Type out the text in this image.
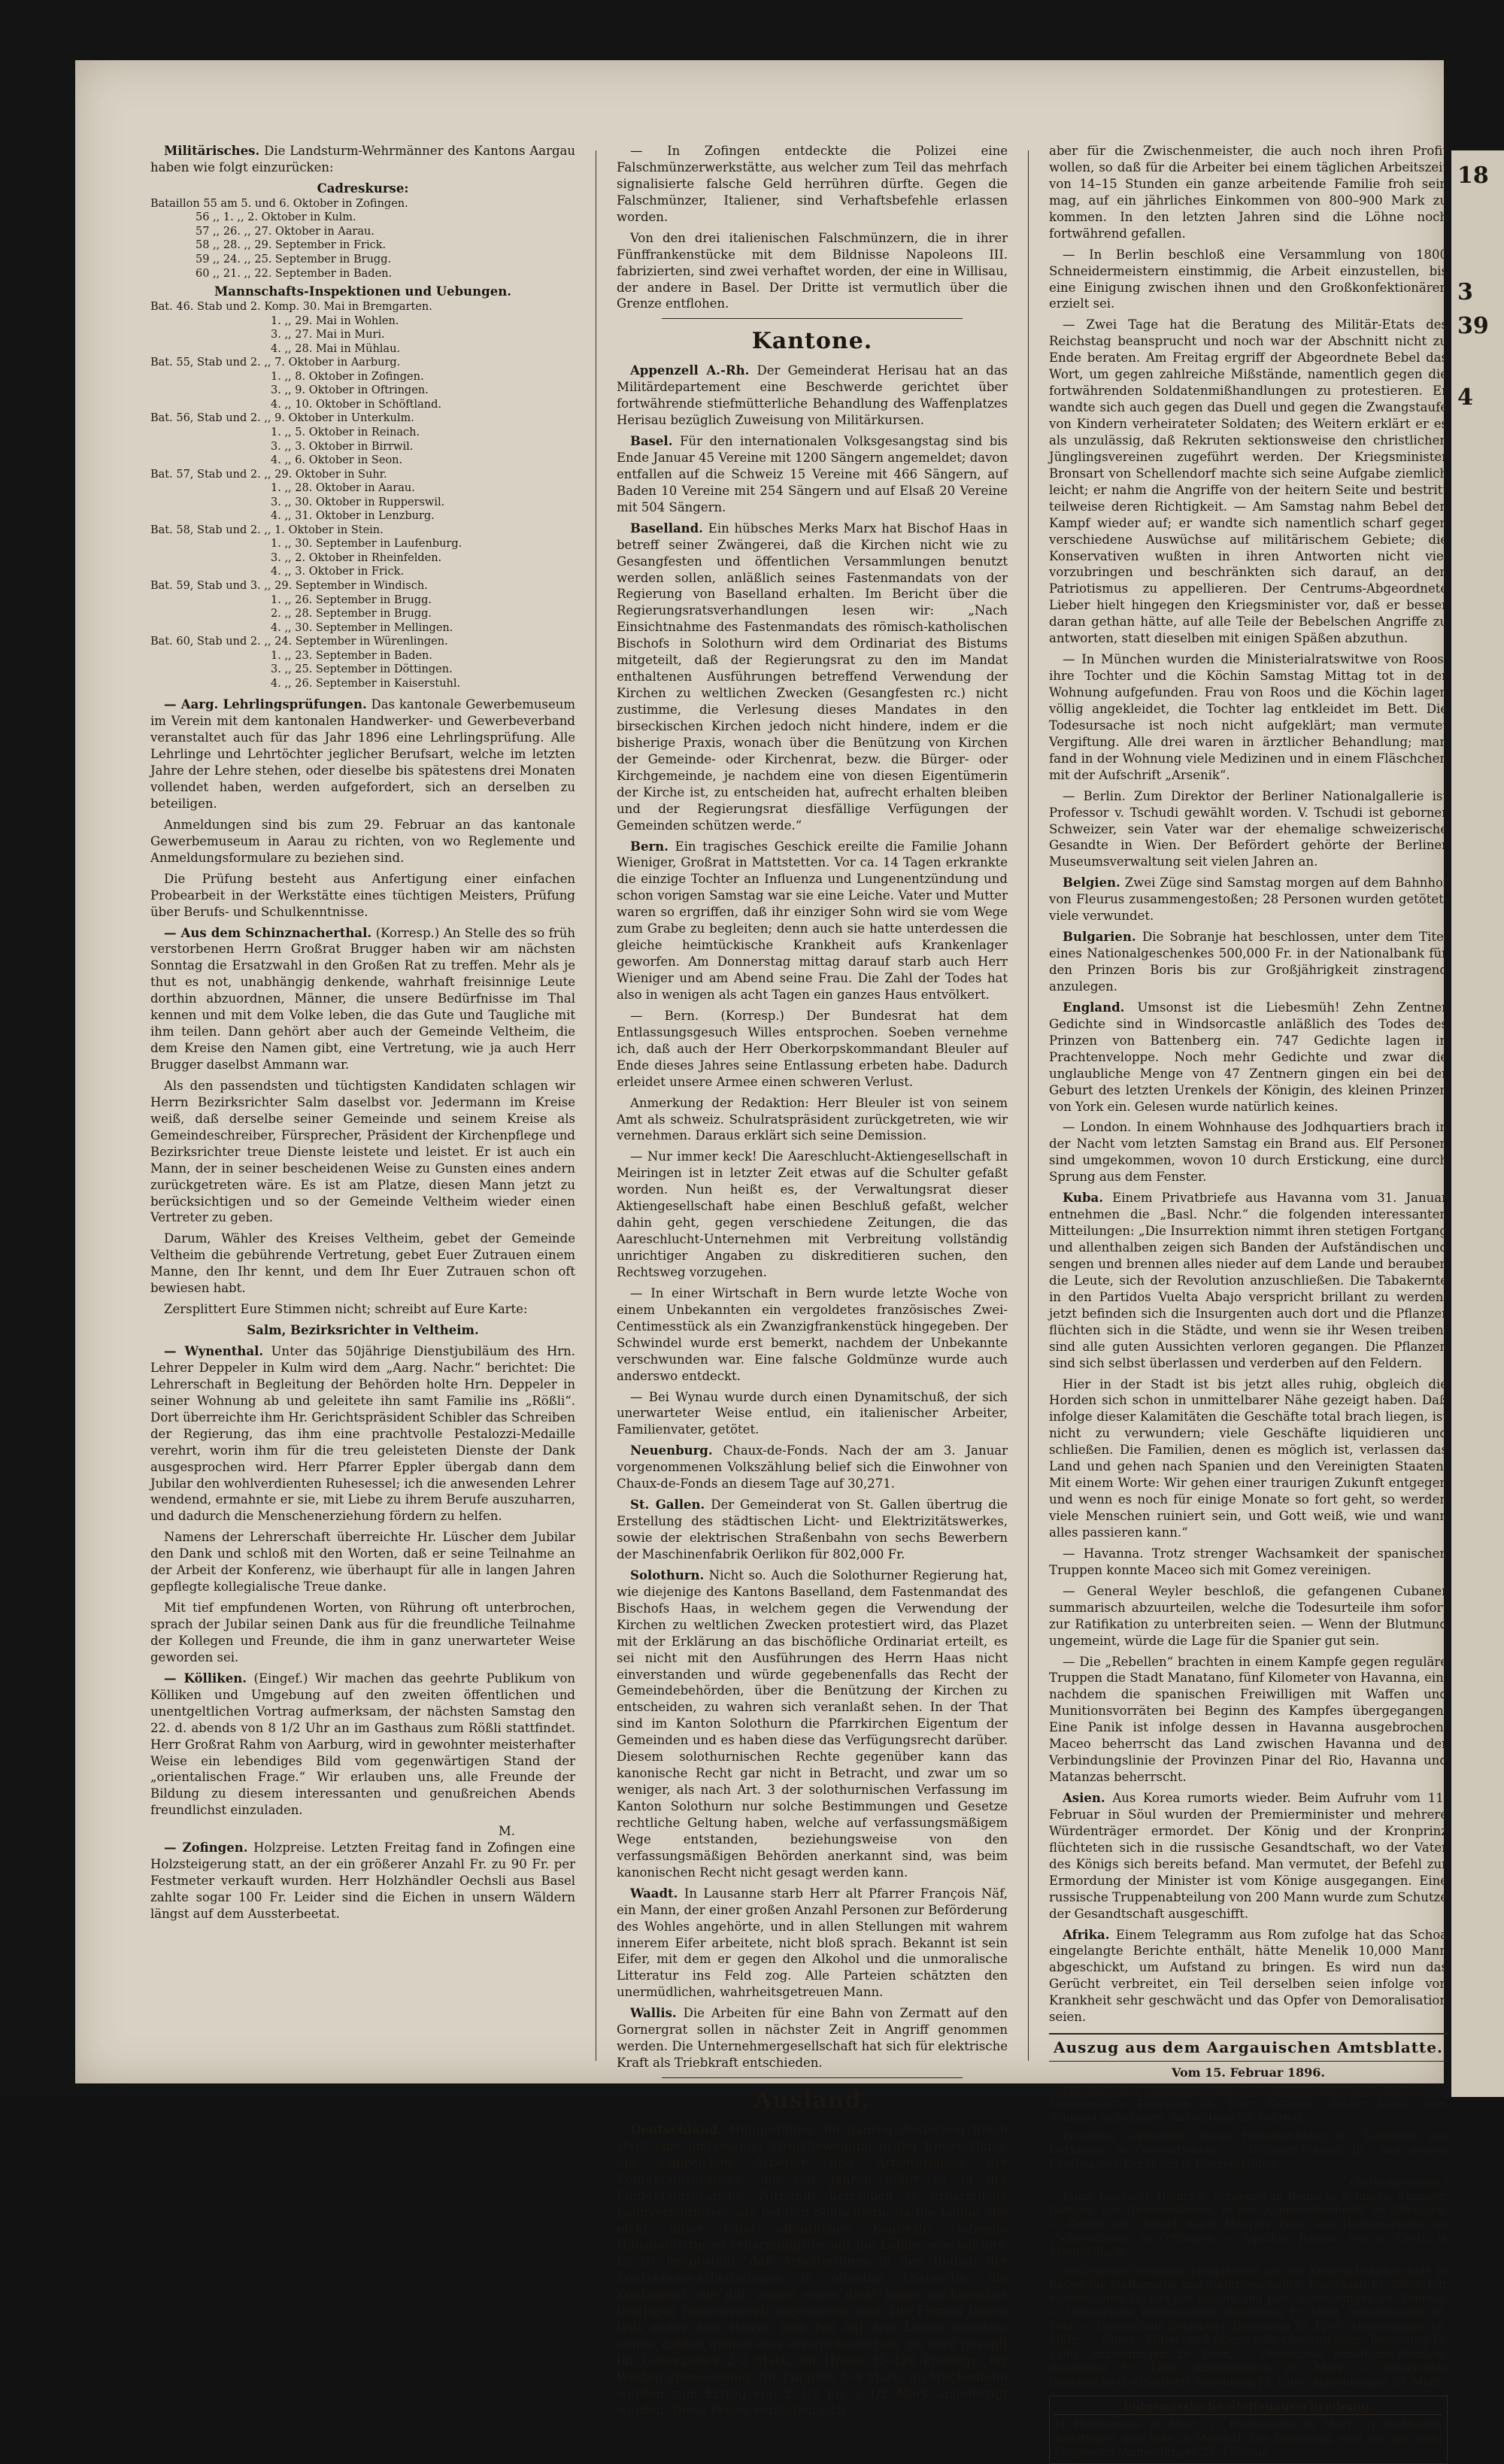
18
3
39
4

Militärisches. Die Landsturm-Wehrmänner des Kantons Aargau haben wie folgt einzurücken:

Cadreskurse:
Bataillon 55 am 5. und 6. Oktober in Zofingen.
56 ,, 1. ,, 2. Oktober in Kulm.
57 ,, 26. ,, 27. Oktober in Aarau.
58 ,, 28. ,, 29. September in Frick.
59 ,, 24. ,, 25. September in Brugg.
60 ,, 21. ,, 22. September in Baden.
Mannschafts-Inspektionen und Uebungen.
Bat. 46. Stab und 2. Komp. 30. Mai in Bremgarten.
1. ,, 29. Mai in Wohlen.
3. ,, 27. Mai in Muri.
4. ,, 28. Mai in Mühlau.
Bat. 55, Stab und 2. ,, 7. Oktober in Aarburg.
1. ,, 8. Oktober in Zofingen.
3. ,, 9. Oktober in Oftringen.
4. ,, 10. Oktober in Schöftland.
Bat. 56, Stab und 2. ,, 9. Oktober in Unterkulm.
1. ,, 5. Oktober in Reinach.
3. ,, 3. Oktober in Birrwil.
4. ,, 6. Oktober in Seon.
Bat. 57, Stab und 2. ,, 29. Oktober in Suhr.
1. ,, 28. Oktober in Aarau.
3. ,, 30. Oktober in Rupperswil.
4. ,, 31. Oktober in Lenzburg.
Bat. 58, Stab und 2. ,, 1. Oktober in Stein.
1. ,, 30. September in Laufenburg.
3. ,, 2. Oktober in Rheinfelden.
4. ,, 3. Oktober in Frick.
Bat. 59, Stab und 3. ,, 29. September in Windisch.
1. ,, 26. September in Brugg.
2. ,, 28. September in Brugg.
4. ,, 30. September in Mellingen.
Bat. 60, Stab und 2. ,, 24. September in Würenlingen.
1. ,, 23. September in Baden.
3. ,, 25. September in Döttingen.
4. ,, 26. September in Kaiserstuhl.

— Aarg. Lehrlingsprüfungen. Das kantonale Gewerbemuseum im Verein mit dem kantonalen Handwerker- und Gewerbeverband veranstaltet auch für das Jahr 1896 eine Lehrlingsprüfung. Alle Lehrlinge und Lehrtöchter jeglicher Berufsart, welche im letzten Jahre der Lehre stehen, oder dieselbe bis spätestens drei Monaten vollendet haben, werden aufgefordert, sich an derselben zu beteiligen.

Anmeldungen sind bis zum 29. Februar an das kantonale Gewerbemuseum in Aarau zu richten, von wo Reglemente und Anmeldungsformulare zu beziehen sind.

Die Prüfung besteht aus Anfertigung einer einfachen Probearbeit in der Werkstätte eines tüchtigen Meisters, Prüfung über Berufs- und Schulkenntnisse.

— Aus dem Schinznacherthal. (Korresp.) An Stelle des so früh verstorbenen Herrn Großrat Brugger haben wir am nächsten Sonntag die Ersatzwahl in den Großen Rat zu treffen. Mehr als je thut es not, unabhängig denkende, wahrhaft freisinnige Leute dorthin abzuordnen, Männer, die unsere Bedürfnisse im Thal kennen und mit dem Volke leben, die das Gute und Taugliche mit ihm teilen. Dann gehört aber auch der Gemeinde Veltheim, die dem Kreise den Namen gibt, eine Vertretung, wie ja auch Herr Brugger daselbst Ammann war.

Als den passendsten und tüchtigsten Kandidaten schlagen wir Herrn Bezirksrichter Salm daselbst vor. Jedermann im Kreise weiß, daß derselbe seiner Gemeinde und seinem Kreise als Gemeindeschreiber, Fürsprecher, Präsident der Kirchenpflege und Bezirksrichter treue Dienste leistete und leistet. Er ist auch ein Mann, der in seiner bescheidenen Weise zu Gunsten eines andern zurückgetreten wäre. Es ist am Platze, diesen Mann jetzt zu berücksichtigen und so der Gemeinde Veltheim wieder einen Vertreter zu geben.

Darum, Wähler des Kreises Veltheim, gebet der Gemeinde Veltheim die gebührende Vertretung, gebet Euer Zutrauen einem Manne, den Ihr kennt, und dem Ihr Euer Zutrauen schon oft bewiesen habt.

Zersplittert Eure Stimmen nicht; schreibt auf Eure Karte:

Salm, Bezirksrichter in Veltheim.

— Wynenthal. Unter das 50jährige Dienstjubiläum des Hrn. Lehrer Deppeler in Kulm wird dem „Aarg. Nachr.“ berichtet: Die Lehrerschaft in Begleitung der Behörden holte Hrn. Deppeler in seiner Wohnung ab und geleitete ihn samt Familie ins „Rößli“. Dort überreichte ihm Hr. Gerichtspräsident Schibler das Schreiben der Regierung, das ihm eine prachtvolle Pestalozzi-Medaille verehrt, worin ihm für die treu geleisteten Dienste der Dank ausgesprochen wird. Herr Pfarrer Eppler übergab dann dem Jubilar den wohlverdienten Ruhesessel; ich die anwesenden Lehrer wendend, ermahnte er sie, mit Liebe zu ihrem Berufe auszuharren, und dadurch die Menschenerziehung fördern zu helfen.

Namens der Lehrerschaft überreichte Hr. Lüscher dem Jubilar den Dank und schloß mit den Worten, daß er seine Teilnahme an der Arbeit der Konferenz, wie überhaupt für alle in langen Jahren gepflegte kollegialische Treue danke.

Mit tief empfundenen Worten, von Rührung oft unterbrochen, sprach der Jubilar seinen Dank aus für die freundliche Teilnahme der Kollegen und Freunde, die ihm in ganz unerwarteter Weise geworden sei.

— Kölliken. (Eingef.) Wir machen das geehrte Publikum von Kölliken und Umgebung auf den zweiten öffentlichen und unentgeltlichen Vortrag aufmerksam, der nächsten Samstag den 22. d. abends von 8 1/2 Uhr an im Gasthaus zum Rößli stattfindet. Herr Großrat Rahm von Aarburg, wird in gewohnter meisterhafter Weise ein lebendiges Bild vom gegenwärtigen Stand der „orientalischen Frage.“ Wir erlauben uns, alle Freunde der Bildung zu diesem interessanten und genußreichen Abends freundlichst einzuladen.

M.

— Zofingen. Holzpreise. Letzten Freitag fand in Zofingen eine Holzsteigerung statt, an der ein größerer Anzahl Fr. zu 90 Fr. per Festmeter verkauft wurden. Herr Holzhändler Oechsli aus Basel zahlte sogar 100 Fr. Leider sind die Eichen in unsern Wäldern längst auf dem Aussterbeetat.

— In Zofingen entdeckte die Polizei eine Falschmünzerwerkstätte, aus welcher zum Teil das mehrfach signalisierte falsche Geld herrühren dürfte. Gegen die Falschmünzer, Italiener, sind Verhaftsbefehle erlassen worden.

Von den drei italienischen Falschmünzern, die in ihrer Fünffrankenstücke mit dem Bildnisse Napoleons III. fabrizierten, sind zwei verhaftet worden, der eine in Willisau, der andere in Basel. Der Dritte ist vermutlich über die Grenze entflohen.

Kantone.

Appenzell A.-Rh. Der Gemeinderat Herisau hat an das Militärdepartement eine Beschwerde gerichtet über fortwährende stiefmütterliche Behandlung des Waffenplatzes Herisau bezüglich Zuweisung von Militärkursen.

Basel. Für den internationalen Volksgesangstag sind bis Ende Januar 45 Vereine mit 1200 Sängern angemeldet; davon entfallen auf die Schweiz 15 Vereine mit 466 Sängern, auf Baden 10 Vereine mit 254 Sängern und auf Elsaß 20 Vereine mit 504 Sängern.

Baselland. Ein hübsches Merks Marx hat Bischof Haas in betreff seiner Zwängerei, daß die Kirchen nicht wie zu Gesangfesten und öffentlichen Versammlungen benutzt werden sollen, anläßlich seines Fastenmandats von der Regierung von Baselland erhalten. Im Bericht über die Regierungsratsverhandlungen lesen wir: „Nach Einsichtnahme des Fastenmandats des römisch-katholischen Bischofs in Solothurn wird dem Ordinariat des Bistums mitgeteilt, daß der Regierungsrat zu den im Mandat enthaltenen Ausführungen betreffend Verwendung der Kirchen zu weltlichen Zwecken (Gesangfesten rc.) nicht zustimme, die Verlesung dieses Mandates in den birseckischen Kirchen jedoch nicht hindere, indem er die bisherige Praxis, wonach über die Benützung von Kirchen der Gemeinde- oder Kirchenrat, bezw. die Bürger- oder Kirchgemeinde, je nachdem eine von diesen Eigentümerin der Kirche ist, zu entscheiden hat, aufrecht erhalten bleiben und der Regierungsrat diesfällige Verfügungen der Gemeinden schützen werde.“

Bern. Ein tragisches Geschick ereilte die Familie Johann Wieniger, Großrat in Mattstetten. Vor ca. 14 Tagen erkrankte die einzige Tochter an Influenza und Lungenentzündung und schon vorigen Samstag war sie eine Leiche. Vater und Mutter waren so ergriffen, daß ihr einziger Sohn wird sie vom Wege zum Grabe zu begleiten; denn auch sie hatte unterdessen die gleiche heimtückische Krankheit aufs Krankenlager geworfen. Am Donnerstag mittag darauf starb auch Herr Wieniger und am Abend seine Frau. Die Zahl der Todes hat also in wenigen als acht Tagen ein ganzes Haus entvölkert.

— Bern. (Korresp.) Der Bundesrat hat dem Entlassungsgesuch Willes entsprochen. Soeben vernehme ich, daß auch der Herr Oberkorpskommandant Bleuler auf Ende dieses Jahres seine Entlassung erbeten habe. Dadurch erleidet unsere Armee einen schweren Verlust.

Anmerkung der Redaktion: Herr Bleuler ist von seinem Amt als schweiz. Schulratspräsident zurückgetreten, wie wir vernehmen. Daraus erklärt sich seine Demission.

— Nur immer keck! Die Aareschlucht-Aktiengesellschaft in Meiringen ist in letzter Zeit etwas auf die Schulter gefaßt worden. Nun heißt es, der Verwaltungsrat dieser Aktiengesellschaft habe einen Beschluß gefaßt, welcher dahin geht, gegen verschiedene Zeitungen, die das Aareschlucht-Unternehmen mit Verbreitung vollständig unrichtiger Angaben zu diskreditieren suchen, den Rechtsweg vorzugehen.

— In einer Wirtschaft in Bern wurde letzte Woche von einem Unbekannten ein vergoldetes französisches Zwei-Centimesstück als ein Zwanzigfrankenstück hingegeben. Der Schwindel wurde erst bemerkt, nachdem der Unbekannte verschwunden war. Eine falsche Goldmünze wurde auch anderswo entdeckt.

— Bei Wynau wurde durch einen Dynamitschuß, der sich unerwarteter Weise entlud, ein italienischer Arbeiter, Familienvater, getötet.

Neuenburg. Chaux-de-Fonds. Nach der am 3. Januar vorgenommenen Volkszählung belief sich die Einwohner von Chaux-de-Fonds an diesem Tage auf 30,271.

St. Gallen. Der Gemeinderat von St. Gallen übertrug die Erstellung des städtischen Licht- und Elektrizitätswerkes, sowie der elektrischen Straßenbahn von sechs Bewerbern der Maschinenfabrik Oerlikon für 802,000 Fr.

Solothurn. Nicht so. Auch die Solothurner Regierung hat, wie diejenige des Kantons Baselland, dem Fastenmandat des Bischofs Haas, in welchem gegen die Verwendung der Kirchen zu weltlichen Zwecken protestiert wird, das Plazet mit der Erklärung an das bischöfliche Ordinariat erteilt, es sei nicht mit den Ausführungen des Herrn Haas nicht einverstanden und würde gegebenenfalls das Recht der Gemeindebehörden, über die Benützung der Kirchen zu entscheiden, zu wahren sich veranlaßt sehen. In der That sind im Kanton Solothurn die Pfarrkirchen Eigentum der Gemeinden und es haben diese das Verfügungsrecht darüber. Diesem solothurnischen Rechte gegenüber kann das kanonische Recht gar nicht in Betracht, und zwar um so weniger, als nach Art. 3 der solothurnischen Verfassung im Kanton Solothurn nur solche Bestimmungen und Gesetze rechtliche Geltung haben, welche auf verfassungsmäßigem Wege entstanden, beziehungsweise von den verfassungsmäßigen Behörden anerkannt sind, was beim kanonischen Recht nicht gesagt werden kann.

Waadt. In Lausanne starb Herr alt Pfarrer François Näf, ein Mann, der einer großen Anzahl Personen zur Beförderung des Wohles angehörte, und in allen Stellungen mit wahrem innerem Eifer arbeitete, nicht bloß sprach. Bekannt ist sein Eifer, mit dem er gegen den Alkohol und die unmoralische Litteratur ins Feld zog. Alle Parteien schätzten den unermüdlichen, wahrheitsgetreuen Mann.

Wallis. Die Arbeiten für eine Bahn von Zermatt auf den Gornergrat sollen in nächster Zeit in Angriff genommen werden. Die Unternehmergesellschaft hat sich für elektrische Kraft als Triebkraft entschieden.

Ausland.

Deutschland. Hungerlöhne. Im ganzen deutschen Reich steht eine umfassende Streikbewegung in der Entwicklung; die zahlreichen Arbeiter und Arbeiterinnen der Konfektionsbranche, die seit Jahren gährt es in der Konfektionsbranche. Nirgends herrschen so erbärmliche Lohnverhältnisse, wie bei den Schneidern, da die Löhne, die nicht unter einer öffentlichen Kontrolle stehende Hausindustrie so erbarmungslos auf die Löhne, wie bei uns. Es ist festgestellt, daß Arbeiterinnen in den Reihen der Konfektions-Arbeiterinnen in offenbar Thatsache; die Kontingent, die nur wegen eines nicht lange nachweisbar traurigen Nebenerwerb angewiesen sind. Die Firmen lassen teils außer dem Hause, zum Teil auf dem Lande arbeiten; einige Zahlen mögen dies veranschaulichen. Es wird gezahlt für Ueberzieher 2–3 Mark, für Hosen 35–120 Pfennige, für Westen ebensowenig, für Jaquetts 3–4 Mark; an Wochenlohn werden zum Ertrag von 2 1/2 bis 3 1/2 Mark angefertigt werden. Diese Preise verstehen sich

aber für die Zwischenmeister, die auch noch ihren Profit wollen, so daß für die Arbeiter bei einem täglichen Arbeitszeit von 14–15 Stunden ein ganze arbeitende Familie froh sein mag, auf ein jährliches Einkommen von 800–900 Mark zu kommen. In den letzten Jahren sind die Löhne noch fortwährend gefallen.

— In Berlin beschloß eine Versammlung von 1800 Schneidermeistern einstimmig, die Arbeit einzustellen, bis eine Einigung zwischen ihnen und den Großkonfektionären erzielt sei.

— Zwei Tage hat die Beratung des Militär-Etats des Reichstag beansprucht und noch war der Abschnitt nicht zu Ende beraten. Am Freitag ergriff der Abgeordnete Bebel das Wort, um gegen zahlreiche Mißstände, namentlich gegen die fortwährenden Soldatenmißhandlungen zu protestieren. Er wandte sich auch gegen das Duell und gegen die Zwangstaufe von Kindern verheirateter Soldaten; des Weitern erklärt er es als unzulässig, daß Rekruten sektionsweise den christlichen Jünglingsvereinen zugeführt werden. Der Kriegsminister Bronsart von Schellendorf machte sich seine Aufgabe ziemlich leicht; er nahm die Angriffe von der heitern Seite und bestritt teilweise deren Richtigkeit. — Am Samstag nahm Bebel den Kampf wieder auf; er wandte sich namentlich scharf gegen verschiedene Auswüchse auf militärischem Gebiete; die Konservativen wußten in ihren Antworten nicht viel vorzubringen und beschränkten sich darauf, an den Patriotismus zu appellieren. Der Centrums-Abgeordnete Lieber hielt hingegen den Kriegsminister vor, daß er besser daran gethan hätte, auf alle Teile der Bebelschen Angriffe zu antworten, statt dieselben mit einigen Späßen abzuthun.

— In München wurden die Ministerialratswitwe von Roos, ihre Tochter und die Köchin Samstag Mittag tot in der Wohnung aufgefunden. Frau von Roos und die Köchin lagen völlig angekleidet, die Tochter lag entkleidet im Bett. Die Todesursache ist noch nicht aufgeklärt; man vermutet Vergiftung. Alle drei waren in ärztlicher Behandlung; man fand in der Wohnung viele Medizinen und in einem Fläschchen mit der Aufschrift „Arsenik“.

— Berlin. Zum Direktor der Berliner Nationalgallerie ist Professor v. Tschudi gewählt worden. V. Tschudi ist geborner Schweizer, sein Vater war der ehemalige schweizerische Gesandte in Wien. Der Befördert gehörte der Berliner Museumsverwaltung seit vielen Jahren an.

Belgien. Zwei Züge sind Samstag morgen auf dem Bahnhof von Fleurus zusammengestoßen; 28 Personen wurden getötet, viele verwundet.

Bulgarien. Die Sobranje hat beschlossen, unter dem Titel eines Nationalgeschenkes 500,000 Fr. in der Nationalbank für den Prinzen Boris bis zur Großjährigkeit zinstragend anzulegen.

England. Umsonst ist die Liebesmüh! Zehn Zentner Gedichte sind in Windsorcastle anläßlich des Todes des Prinzen von Battenberg ein. 747 Gedichte lagen in Prachtenveloppe. Noch mehr Gedichte und zwar die unglaubliche Menge von 47 Zentnern gingen ein bei der Geburt des letzten Urenkels der Königin, des kleinen Prinzen von York ein. Gelesen wurde natürlich keines.

— London. In einem Wohnhause des Jodhquartiers brach in der Nacht vom letzten Samstag ein Brand aus. Elf Personen sind umgekommen, wovon 10 durch Erstickung, eine durch Sprung aus dem Fenster.

Kuba. Einem Privatbriefe aus Havanna vom 31. Januar entnehmen die „Basl. Nchr.“ die folgenden interessanten Mitteilungen: „Die Insurrektion nimmt ihren stetigen Fortgang und allenthalben zeigen sich Banden der Aufständischen und sengen und brennen alles nieder auf dem Lande und berauben die Leute, sich der Revolution anzuschließen. Die Tabakernte in den Partidos Vuelta Abajo verspricht brillant zu werden; jetzt befinden sich die Insurgenten auch dort und die Pflanzer flüchten sich in die Städte, und wenn sie ihr Wesen treiben, sind alle guten Aussichten verloren gegangen. Die Pflanzen sind sich selbst überlassen und verderben auf den Feldern.

Hier in der Stadt ist bis jetzt alles ruhig, obgleich die Horden sich schon in unmittelbarer Nähe gezeigt haben. Daß infolge dieser Kalamitäten die Geschäfte total brach liegen, ist nicht zu verwundern; viele Geschäfte liquidieren und schließen. Die Familien, denen es möglich ist, verlassen das Land und gehen nach Spanien und den Vereinigten Staaten. Mit einem Worte: Wir gehen einer traurigen Zukunft entgegen und wenn es noch für einige Monate so fort geht, so werden viele Menschen ruiniert sein, und Gott weiß, wie und wann alles passieren kann.“

— Havanna. Trotz strenger Wachsamkeit der spanischen Truppen konnte Maceo sich mit Gomez vereinigen.

— General Weyler beschloß, die gefangenen Cubaner summarisch abzuurteilen, welche die Todesurteile ihm sofort zur Ratifikation zu unterbreiten seien. — Wenn der Blutmund ungemeint, würde die Lage für die Spanier gut sein.

— Die „Rebellen“ brachten in einem Kampfe gegen reguläre Truppen die Stadt Manatano, fünf Kilometer von Havanna, ein, nachdem die spanischen Freiwilligen mit Waffen und Munitionsvorräten bei Beginn des Kampfes übergegangen. Eine Panik ist infolge dessen in Havanna ausgebrochen. Maceo beherrscht das Land zwischen Havanna und der Verbindungslinie der Provinzen Pinar del Rio, Havanna und Matanzas beherrscht.

Asien. Aus Korea rumorts wieder. Beim Aufruhr vom 11. Februar in Söul wurden der Premierminister und mehrere Würdenträger ermordet. Der König und der Kronprinz flüchteten sich in die russische Gesandtschaft, wo der Vater des Königs sich bereits befand. Man vermutet, der Befehl zur Ermordung der Minister ist vom Könige ausgegangen. Eine russische Truppenabteilung von 200 Mann wurde zum Schutze der Gesandtschaft ausgeschifft.

Afrika. Einem Telegramm aus Rom zufolge hat das Schoa eingelangte Berichte enthält, hätte Menelik 10,000 Mann abgeschickt, um Aufstand zu bringen. Es wird nun das Gerücht verbreitet, ein Teil derselben seien infolge von Krankheit sehr geschwächt und das Opfer von Demoralisation seien.

Auszug aus dem Aargauischen Amtsblatte.
Vom 15. Februar 1896.

Liquidations-Eröffnungen. Baden. Muntwyler, Balthasar, Zieglers von Spreitenbach. Eingaben 26. Febr. Zofingen. Basler, Jakob, gew. Schmied in Zofingen. Anfechtung 29. Februar.

Fruchtlos Gepfändete. Aarau. Hürzeler-Suter, Jb., Taglöhner, von Uerkheim, in Oberentfelden. — Hürzeler-Roland, Jb., und dessen Ehefrau, von Uerkheim in Oberentfelden.

(Zurückgezogen.)

Kulm. Gautschi, Heinrich, Schreiner in Reinach. Zofingen. Sinniger, Gottlieb, von Unterlunkhofen, in der „Oggenschenheite“ zu Oftringen. — Zubler geb. Bläuel, Karls Maurers Frau, von Hunzenschwyl, im „Schwarzhaar“ zu Oftringen. — Aquillon, Johann, von St. Croix, in Strengelbach.

Stellenausschreibung. Hauptlehrer an der Knaben-Bezirksschule in Baden für Mathematik und Naturgeschichte. Besoldung Fr. 2800. Für Mehrstunden Fr. 100 pro Stunde und Jahr. Anmeldungen 29. Februar. — Unterschule Wohlenschwil. Besoldung Fr. 1000. Anmeldungen 29. Febr. — Unterschule Bonisbwyl. Besoldung Fr. 1200. Anmeldungen 10. März. — Unter-, Mittel- und Oberschule Oberentfelden. Besoldung Fr. 1100. Anmeldungen 29. Febr. — Oberschule Schöftland-Büttikon. Besoldung Fr. 1200. Anmeldungen 20. März. — Oberschule Gontenschwyl (Oberdorf). Besoldung Fr. 1300. Anmeldungen 20. März.

Eidgenössische Stellenausschreibung.
1) Postkommis in Muri. 2) Postkommis in Muri. 3) Posthalter, Briefträger und Bote in Menthal. Die Besoldung wird bei der Wahl festgesetzt. Anmeldungen 25. Februar.
